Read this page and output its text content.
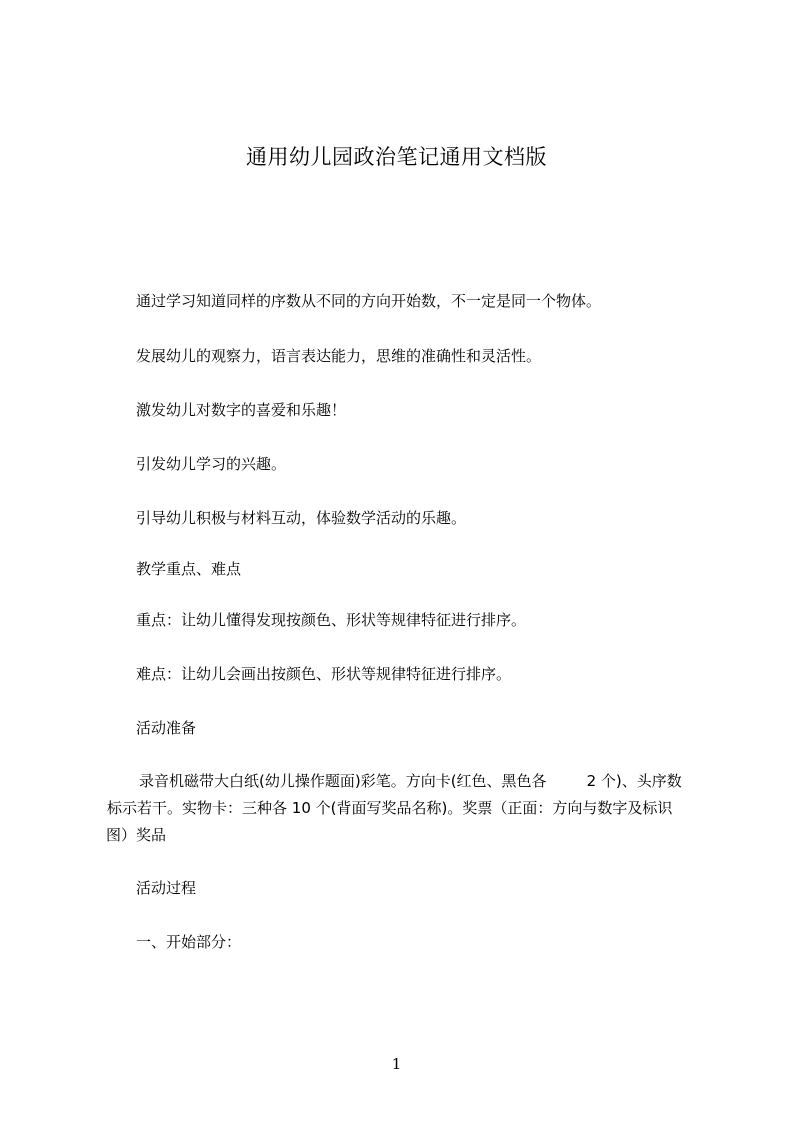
通用幼儿园政治笔记通用文档版
通过学习知道同样的序数从不同的方向开始数，不一定是同一个物体。
发展幼儿的观察力，语言表达能力，思维的准确性和灵活性。
激发幼儿对数字的喜爱和乐趣！
引发幼儿学习的兴趣。
引导幼儿积极与材料互动，体验数学活动的乐趣。
教学重点、难点
重点：让幼儿懂得发现按颜色、形状等规律特征进行排序。
难点：让幼儿会画出按颜色、形状等规律特征进行排序。
活动准备
录音机磁带大白纸(幼儿操作题面)彩笔。方向卡(红色、黑色各	2 个)、头序数
标示若干。实物卡：三种各 10 个(背面写奖品名称)。奖票（正面：方向与数字及标识
图）奖品
活动过程
一、开始部分：
1
